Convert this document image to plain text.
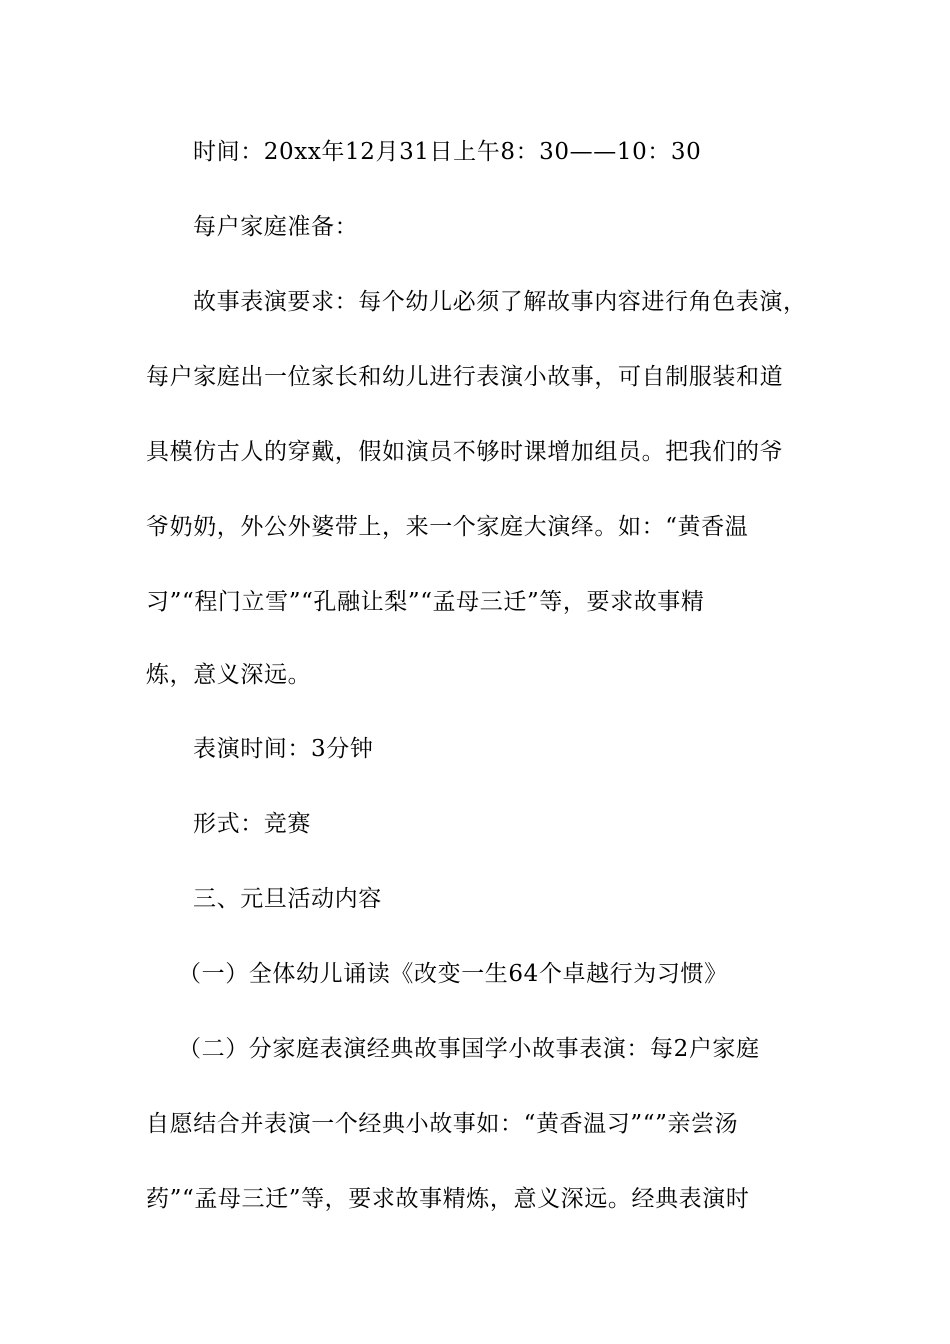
时间：20xx年12月31日上午8：30——10：30
每户家庭准备：
故事表演要求：每个幼儿必须了解故事内容进行角色表演，
每户家庭出一位家长和幼儿进行表演小故事，可自制服装和道
具模仿古人的穿戴，假如演员不够时课增加组员。把我们的爷
爷奶奶，外公外婆带上，来一个家庭大演绎。如：“黄香温
习”“程门立雪”“孔融让梨”“孟母三迁”等，要求故事精
炼，意义深远。
表演时间：3分钟
形式：竞赛
三、元旦活动内容
（一）全体幼儿诵读《改变一生64个卓越行为习惯》
（二）分家庭表演经典故事国学小故事表演：每2户家庭
自愿结合并表演一个经典小故事如：“黄香温习”“”亲尝汤
药”“孟母三迁”等，要求故事精炼，意义深远。经典表演时
